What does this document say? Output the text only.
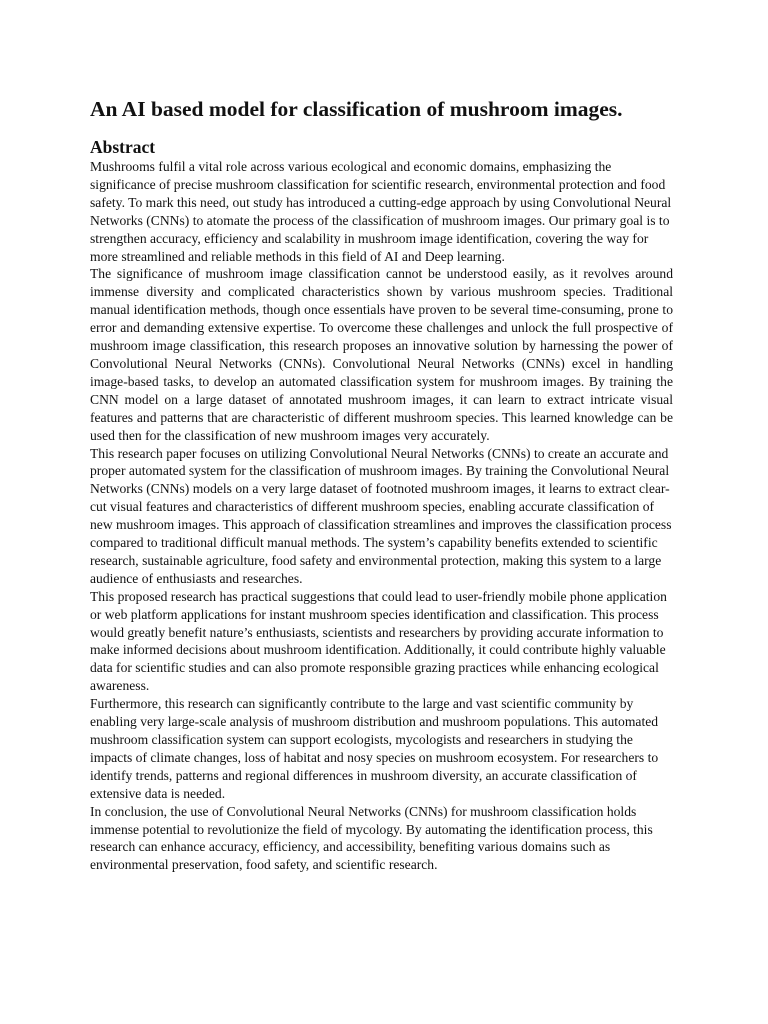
An AI based model for classification of mushroom images.
Abstract

Mushrooms fulfil a vital role across various ecological and economic domains, emphasizing the significance of precise mushroom classification for scientific research, environmental protection and food safety. To mark this need, out study has introduced a cutting-edge approach by using Convolutional Neural Networks (CNNs) to atomate the process of the classification of mushroom images. Our primary goal is to strengthen accuracy, efficiency and scalability in mushroom image identification, covering the way for more streamlined and reliable methods in this field of AI and Deep learning.

The significance of mushroom image classification cannot be understood easily, as it revolves around immense diversity and complicated characteristics shown by various mushroom species. Traditional manual identification methods, though once essentials have proven to be several time-consuming, prone to error and demanding extensive expertise. To overcome these challenges and unlock the full prospective of mushroom image classification, this research proposes an innovative solution by harnessing the power of Convolutional Neural Networks (CNNs). Convolutional Neural Networks (CNNs) excel in handling image-based tasks, to develop an automated classification system for mushroom images. By training the CNN model on a large dataset of annotated mushroom images, it can learn to extract intricate visual features and patterns that are characteristic of different mushroom species. This learned knowledge can be used then for the classification of new mushroom images very accurately.

This research paper focuses on utilizing Convolutional Neural Networks (CNNs) to create an accurate and proper automated system for the classification of mushroom images. By training the Convolutional Neural Networks (CNNs) models on a very large dataset of footnoted mushroom images, it learns to extract clear-cut visual features and characteristics of different mushroom species, enabling accurate classification of new mushroom images. This approach of classification streamlines and improves the classification process compared to traditional difficult manual methods. The system’s capability benefits extended to scientific research, sustainable agriculture, food safety and environmental protection, making this system to a large audience of enthusiasts and researches.

This proposed research has practical suggestions that could lead to user-friendly mobile phone application or web platform applications for instant mushroom species identification and classification. This process would greatly benefit nature’s enthusiasts, scientists and researchers by providing accurate information to make informed decisions about mushroom identification. Additionally, it could contribute highly valuable data for scientific studies and can also promote responsible grazing practices while enhancing ecological awareness.

Furthermore, this research can significantly contribute to the large and vast scientific community by enabling very large-scale analysis of mushroom distribution and mushroom populations. This automated mushroom classification system can support ecologists, mycologists and researchers in studying the impacts of climate changes, loss of habitat and nosy species on mushroom ecosystem. For researchers to identify trends, patterns and regional differences in mushroom diversity, an accurate classification of extensive data is needed.

In conclusion, the use of Convolutional Neural Networks (CNNs) for mushroom classification holds immense potential to revolutionize the field of mycology. By automating the identification process, this research can enhance accuracy, efficiency, and accessibility, benefiting various domains such as environmental preservation, food safety, and scientific research.
